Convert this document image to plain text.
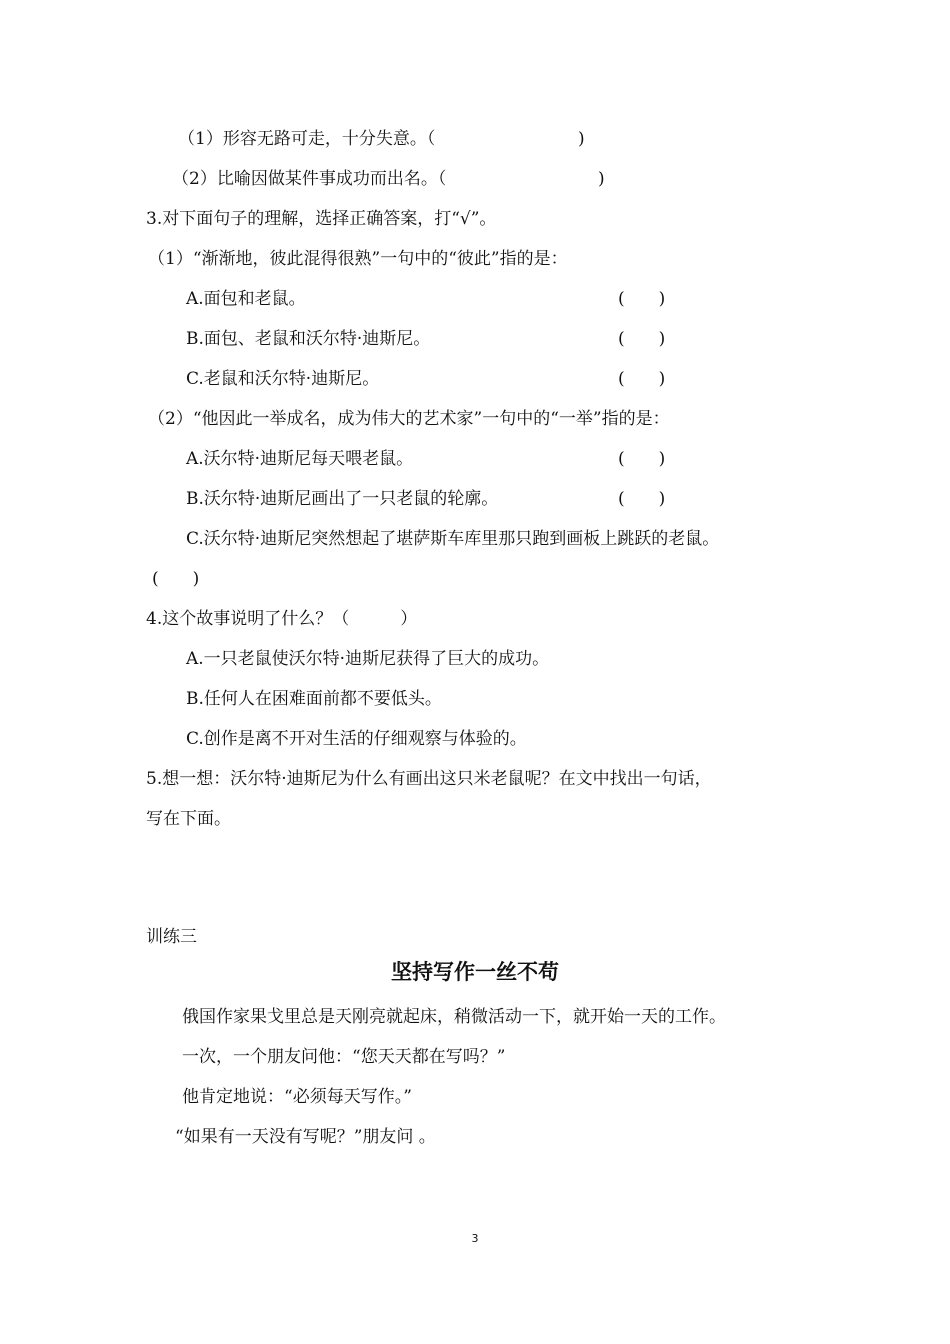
（1）形容无路可走，十分失意。（	)
（2）比喻因做某件事成功而出名。（	)
3.对下面句子的理解，选择正确答案，打“√”。
（1）“渐渐地，彼此混得很熟”一句中的“彼此”指的是：
A.面包和老鼠。	(　　)
B.面包、老鼠和沃尔特·迪斯尼。	(　　)
C.老鼠和沃尔特·迪斯尼。	(　　)
（2）“他因此一举成名，成为伟大的艺术家”一句中的“一举”指的是：
A.沃尔特·迪斯尼每天喂老鼠。	(　　)
B.沃尔特·迪斯尼画出了一只老鼠的轮廓。	(　　)
C.沃尔特·迪斯尼突然想起了堪萨斯车库里那只跑到画板上跳跃的老鼠。
(　　)
4.这个故事说明了什么？（　　　）
A.一只老鼠使沃尔特·迪斯尼获得了巨大的成功。
B.任何人在困难面前都不要低头。
C.创作是离不开对生活的仔细观察与体验的。
5.想一想：沃尔特·迪斯尼为什么有画出这只米老鼠呢？在文中找出一句话，
写在下面。
训练三
坚持写作一丝不苟
俄国作家果戈里总是天刚亮就起床，稍微活动一下，就开始一天的工作。
一次，一个朋友问他：“您天天都在写吗？”
他肯定地说：“必须每天写作。”
“如果有一天没有写呢？”朋友问 。
3
